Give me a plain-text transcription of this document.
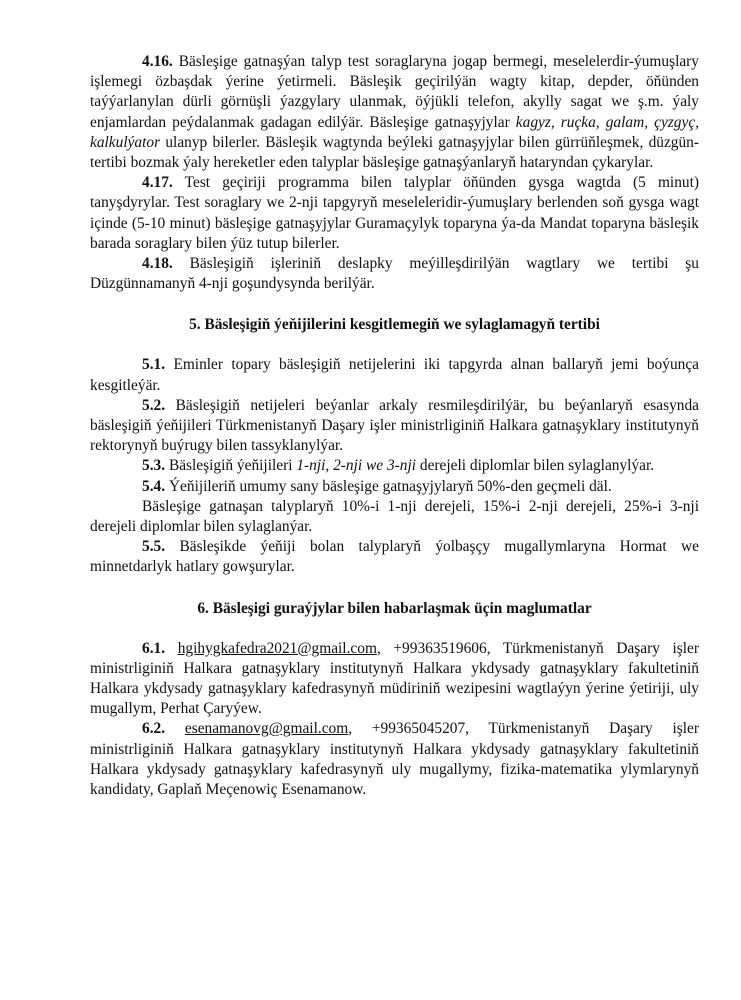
4.16. Bäsleşige gatnaşýan talyp test soraglaryna jogap bermegi, meselelerdir-ýumuşlary işlemegi özbaşdak ýerine ýetirmeli. Bäsleşik geçirilýän wagty kitap, depder, öňünden taýýarlanylan dürli görnüşli ýazgylary ulanmak, öýjükli telefon, akylly sagat we ş.m. ýaly enjamlardan peýdalanmak gadagan edilýär. Bäsleşige gatnaşyjylar kagyz, ruçka, galam, çyzgyç, kalkulýator ulanyp bilerler. Bäsleşik wagtynda beýleki gatnaşyjylar bilen gürrüňleşmek, düzgün-tertibi bozmak ýaly hereketler eden talyplar bäsleşige gatnaşýanlaryň hataryndan çykarylar.

4.17. Test geçiriji programma bilen talyplar öňünden gysga wagtda (5 minut) tanyşdyrylar. Test soraglary we 2-nji tapgyryň meseleleridir-ýumuşlary berlenden soň gysga wagt içinde (5-10 minut) bäsleşige gatnaşyjylar Guramaçylyk toparyna ýa-da Mandat toparyna bäsleşik barada soraglary bilen ýüz tutup bilerler.

4.18. Bäsleşigiň işleriniň deslapky meýilleşdirilýän wagtlary we tertibi şu Düzgünnamanyň 4-nji goşundysynda berilýär.

5. Bäsleşigiň ýeňijilerini kesgitlemegiň we sylaglamagyň tertibi

5.1. Eminler topary bäsleşigiň netijelerini iki tapgyrda alnan ballaryň jemi boýunça kesgitleýär.

5.2. Bäsleşigiň netijeleri beýanlar arkaly resmileşdirilýär, bu beýanlaryň esasynda bäsleşigiň ýeňijileri Türkmenistanyň Daşary işler ministrliginiň Halkara gatnaşyklary institutynyň rektorynyň buýrugy bilen tassyklanylýar.

5.3. Bäsleşigiň ýeňijileri 1-nji, 2-nji we 3-nji derejeli diplomlar bilen sylaglanylýar.

5.4. Ýeňijileriň umumy sany bäsleşige gatnaşyjylaryň 50%-den geçmeli däl.

Bäsleşige gatnaşan talyplaryň 10%-i 1-nji derejeli, 15%-i 2-nji derejeli, 25%-i 3-nji derejeli diplomlar bilen sylaglanýar.

5.5. Bäsleşikde ýeňiji bolan talyplaryň ýolbaşçy mugallymlaryna Hormat we minnetdarlyk hatlary gowşurylar.

6. Bäsleşigi guraýjylar bilen habarlaşmak üçin maglumatlar

6.1. hgihygkafedra2021@gmail.com, +99363519606, Türkmenistanyň Daşary işler ministrliginiň Halkara gatnaşyklary institutynyň Halkara ykdysady gatnaşyklary fakultetiniň Halkara ykdysady gatnaşyklary kafedrasynyň müdiriniň wezipesini wagtlaýyn ýerine ýetiriji, uly mugallym, Perhat Çaryýew.

6.2. esenamanovg@gmail.com, +99365045207, Türkmenistanyň Daşary işler ministrliginiň Halkara gatnaşyklary institutynyň Halkara ykdysady gatnaşyklary fakultetiniň Halkara ykdysady gatnaşyklary kafedrasynyň uly mugallymy, fizika-matematika ylymlarynyň kandidaty, Gaplaň Meçenowiç Esenamanow.
